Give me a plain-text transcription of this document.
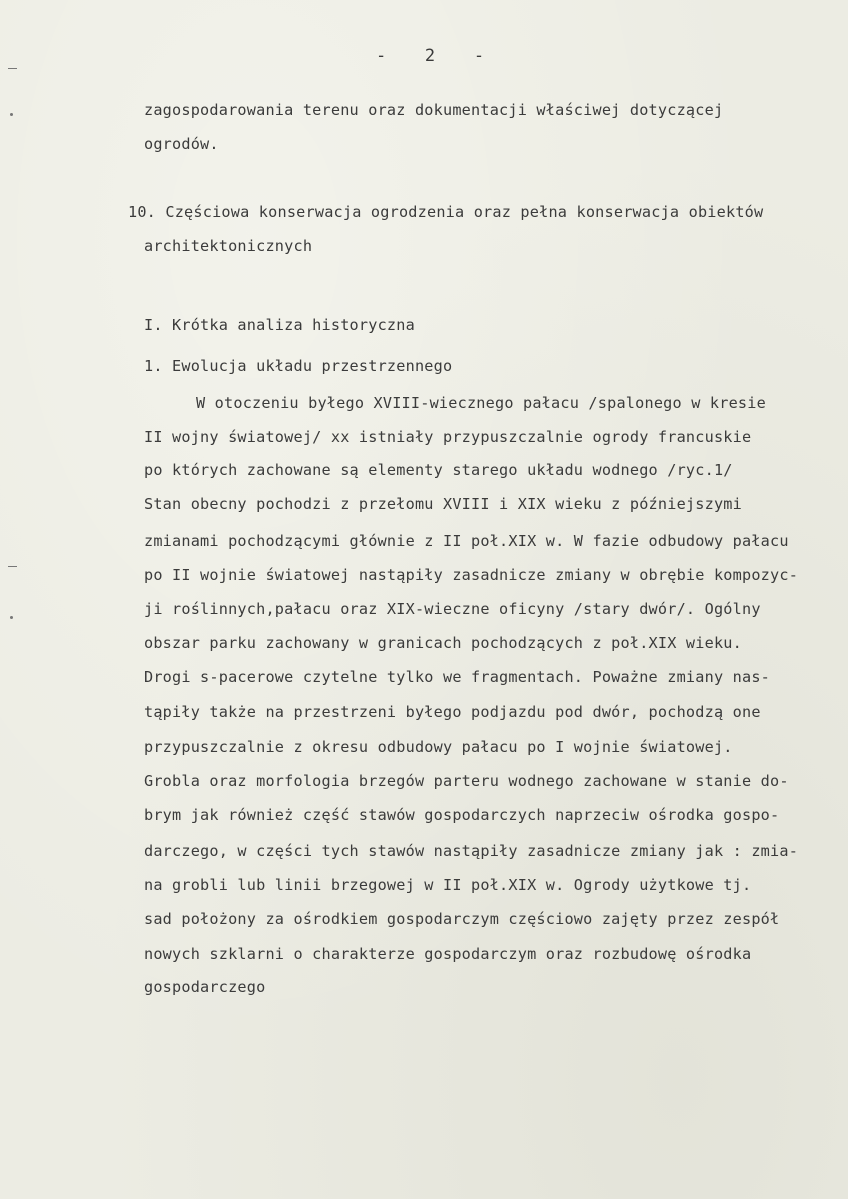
-   2   -
zagospodarowania terenu oraz dokumentacji właściwej dotyczącej
ogrodów.
10. Częściowa konserwacja ogrodzenia oraz pełna konserwacja obiektów
architektonicznych
I. Krótka analiza historyczna
1. Ewolucja układu przestrzennego
W otoczeniu byłego XVIII-wiecznego pałacu /spalonego w kresie
II wojny światowej/ xx istniały przypuszczalnie ogrody francuskie
po których zachowane są elementy starego układu wodnego /ryc.1/
Stan obecny pochodzi z przełomu XVIII i XIX wieku z późniejszymi
zmianami pochodzącymi głównie z II poł.XIX w. W fazie odbudowy pałacu
po II wojnie światowej nastąpiły zasadnicze zmiany w obrębie kompozyc-
ji roślinnych,pałacu oraz XIX-wieczne oficyny /stary dwór/. Ogólny
obszar parku zachowany w granicach pochodzących z poł.XIX wieku.
Drogi s-pacerowe czytelne tylko we fragmentach. Poważne zmiany nas-
tąpiły także na przestrzeni byłego podjazdu pod dwór, pochodzą one
przypuszczalnie z okresu odbudowy pałacu po I wojnie światowej.
Grobla oraz morfologia brzegów parteru wodnego zachowane w stanie do-
brym jak również część stawów gospodarczych naprzeciw ośrodka gospo-
darczego, w części tych stawów nastąpiły zasadnicze zmiany jak : zmia-
na grobli lub linii brzegowej w II poł.XIX w. Ogrody użytkowe tj.
sad położony za ośrodkiem gospodarczym częściowo zajęty przez zespół
nowych szklarni o charakterze gospodarczym oraz rozbudowę ośrodka
gospodarczego
